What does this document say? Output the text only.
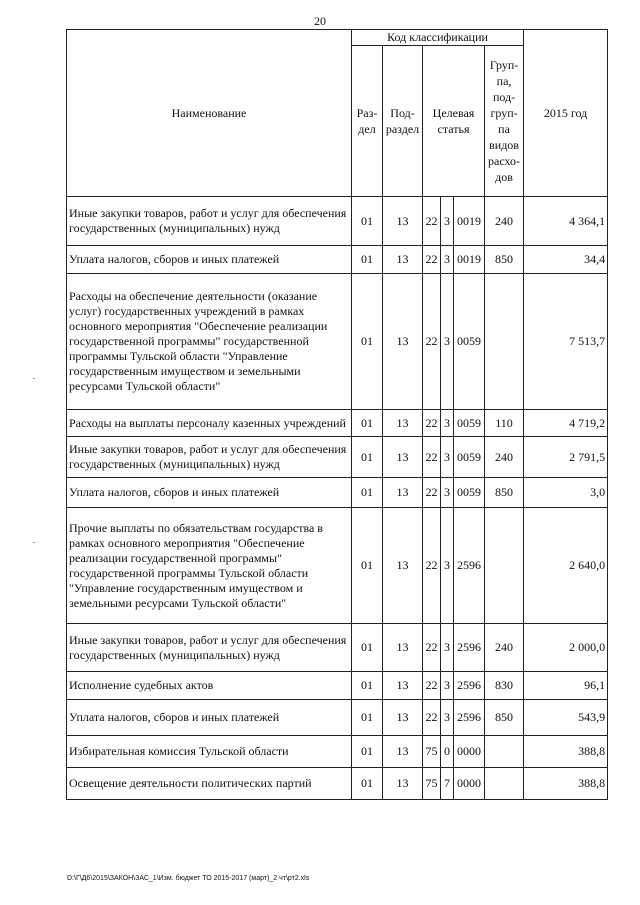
20
Наименование	Код классификации						2015 год
	Раз- дел	Под- раздел	Целевая статья			Груп- па, под- груп- па видов расхо- дов	
Иные закупки товаров, работ и услуг для обеспечения государственных (муниципальных) нужд	01	13	22	3	0019	240	4 364,1
Уплата налогов, сборов и иных платежей	01	13	22	3	0019	850	34,4
Расходы на обеспечение деятельности (оказание услуг) государственных учреждений в рамках основного мероприятия "Обеспечение реализации государственной программы" государственной программы Тульской области "Управление государственным имуществом и земельными ресурсами Тульской области"	01	13	22	3	0059		7 513,7
Расходы на выплаты персоналу казенных учреждений	01	13	22	3	0059	110	4 719,2
Иные закупки товаров, работ и услуг для обеспечения государственных (муниципальных) нужд	01	13	22	3	0059	240	2 791,5
Уплата налогов, сборов и иных платежей	01	13	22	3	0059	850	3,0
Прочие выплаты по обязательствам государства в рамках основного мероприятия "Обеспечение реализации государственной программы" государственной программы Тульской области "Управление государственным имуществом и земельными ресурсами Тульской области"	01	13	22	3	2596		2 640,0
Иные закупки товаров, работ и услуг для обеспечения государственных (муниципальных) нужд	01	13	22	3	2596	240	2 000,0
Исполнение судебных актов	01	13	22	3	2596	830	96,1
Уплата налогов, сборов и иных платежей	01	13	22	3	2596	850	543,9
Избирательная комиссия Тульской области	01	13	75	0	0000		388,8
Освещение деятельности политических партий	01	13	75	7	0000		388,8
D:\Г\Д6\2015\ЗАКОН\ЗАС_1\Изм. бюджет ТО 2015-2017 (март)_2 чт\рт2.xls
